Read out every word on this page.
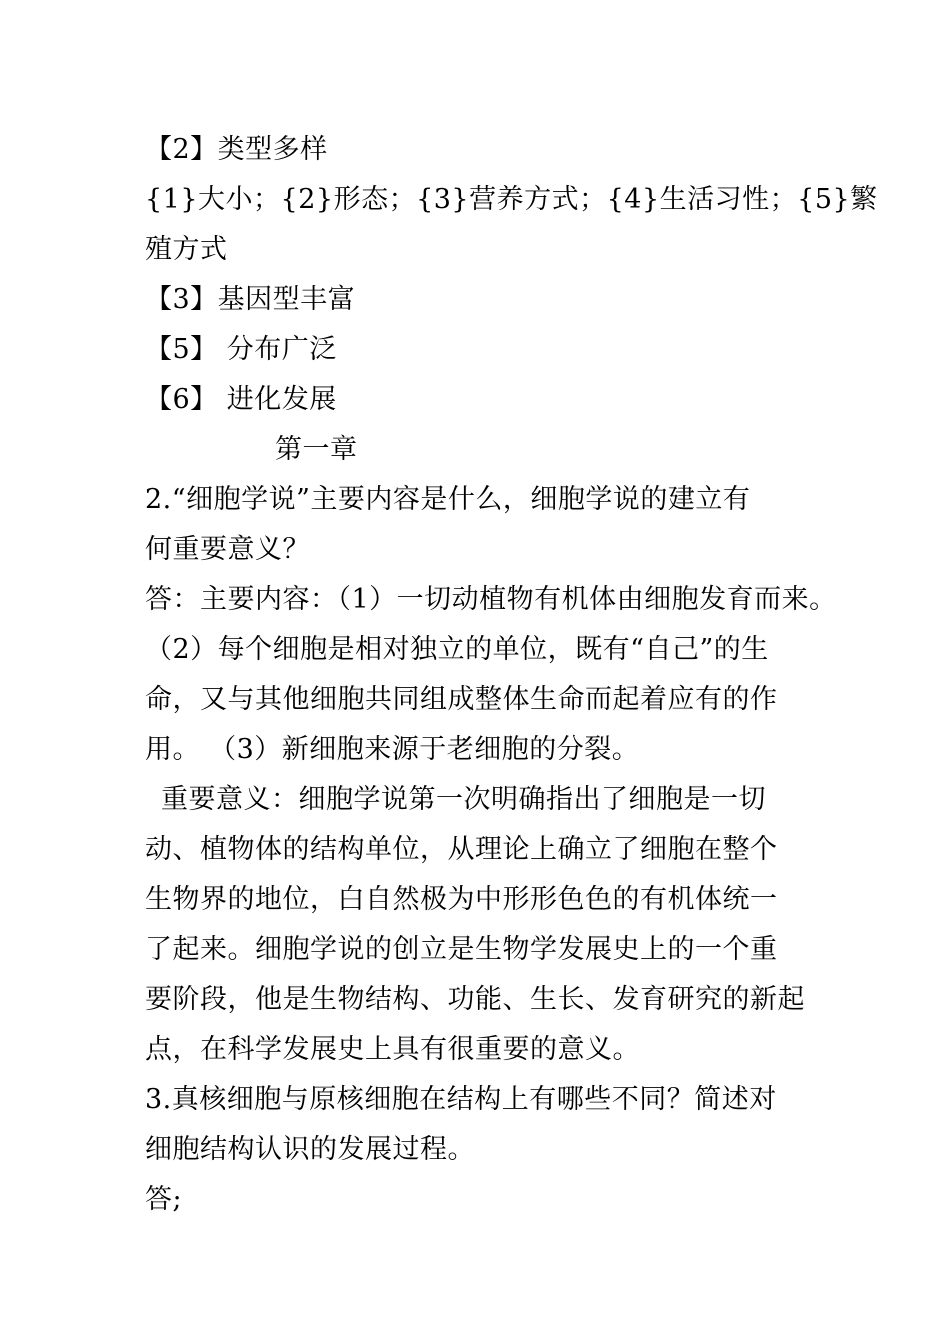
【2】类型多样
{1}大小；{2}形态；{3}营养方式；{4}生活习性；{5}繁
殖方式
【3】基因型丰富
【5】 分布广泛
【6】 进化发展
第一章
2.“细胞学说”主要内容是什么，细胞学说的建立有
何重要意义？
答：主要内容：（1）一切动植物有机体由细胞发育而来。
（2）每个细胞是相对独立的单位，既有“自己”的生
命，又与其他细胞共同组成整体生命而起着应有的作
用。 （3）新细胞来源于老细胞的分裂。
重要意义：细胞学说第一次明确指出了细胞是一切
动、植物体的结构单位，从理论上确立了细胞在整个
生物界的地位，白自然极为中形形色色的有机体统一
了起来。细胞学说的创立是生物学发展史上的一个重
要阶段，他是生物结构、功能、生长、发育研究的新起
点，在科学发展史上具有很重要的意义。
3.真核细胞与原核细胞在结构上有哪些不同？简述对
细胞结构认识的发展过程。
答;
